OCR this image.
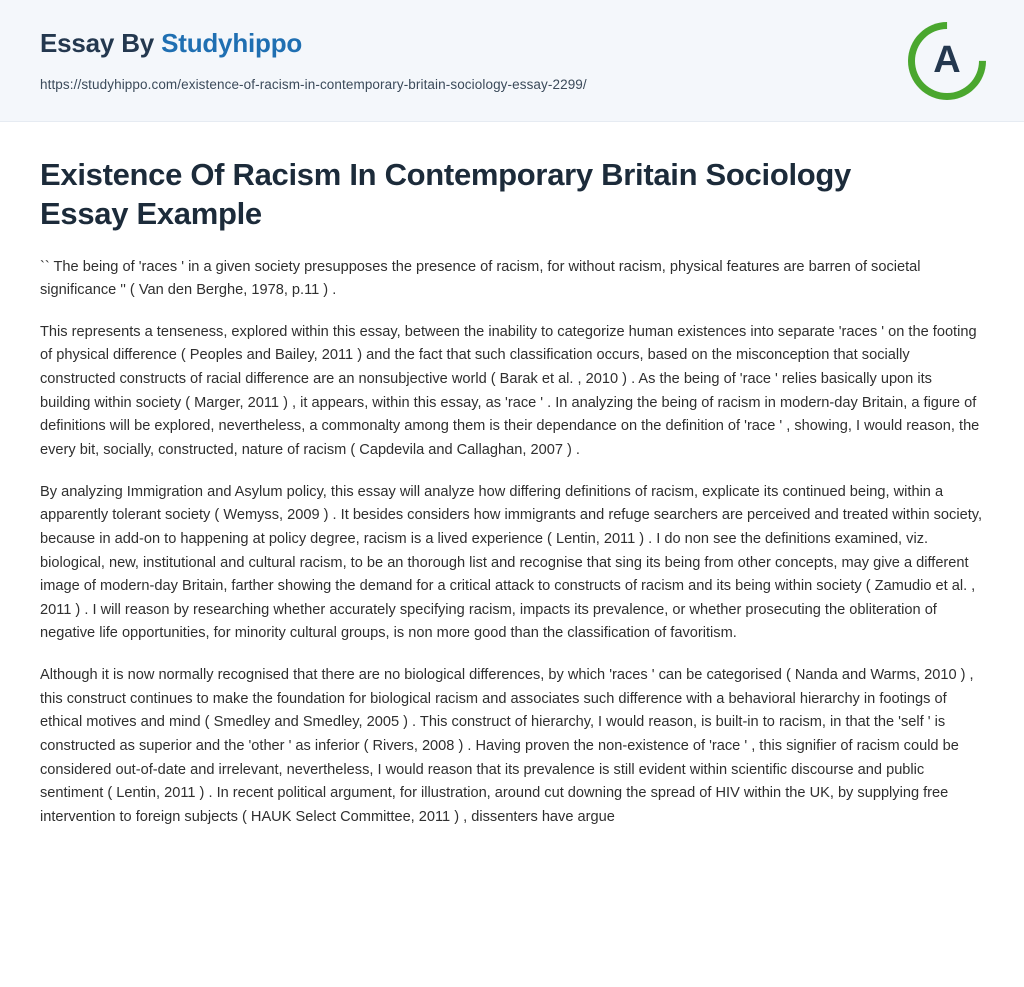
Essay By Studyhippo
https://studyhippo.com/existence-of-racism-in-contemporary-britain-sociology-essay-2299/
A
Existence Of Racism In Contemporary Britain Sociology Essay Example

`` The being of 'races ' in a given society presupposes the presence of racism, for without racism, physical features are barren of societal significance '' ( Van den Berghe, 1978, p.11 ) .

This represents a tenseness, explored within this essay, between the inability to categorize human existences into separate 'races ' on the footing of physical difference ( Peoples and Bailey, 2011 ) and the fact that such classification occurs, based on the misconception that socially constructed constructs of racial difference are an nonsubjective world ( Barak et al. , 2010 ) . As the being of 'race ' relies basically upon its building within society ( Marger, 2011 ) , it appears, within this essay, as 'race ' . In analyzing the being of racism in modern-day Britain, a figure of definitions will be explored, nevertheless, a commonalty among them is their dependance on the definition of 'race ' , showing, I would reason, the every bit, socially, constructed, nature of racism ( Capdevila and Callaghan, 2007 ) .

By analyzing Immigration and Asylum policy, this essay will analyze how differing definitions of racism, explicate its continued being, within a apparently tolerant society ( Wemyss, 2009 ) . It besides considers how immigrants and refuge searchers are perceived and treated within society, because in add-on to happening at policy degree, racism is a lived experience ( Lentin, 2011 ) . I do non see the definitions examined, viz. biological, new, institutional and cultural racism, to be an thorough list and recognise that sing its being from other concepts, may give a different image of modern-day Britain, farther showing the demand for a critical attack to constructs of racism and its being within society ( Zamudio et al. , 2011 ) . I will reason by researching whether accurately specifying racism, impacts its prevalence, or whether prosecuting the obliteration of negative life opportunities, for minority cultural groups, is non more good than the classification of favoritism.

Although it is now normally recognised that there are no biological differences, by which 'races ' can be categorised ( Nanda and Warms, 2010 ) , this construct continues to make the foundation for biological racism and associates such difference with a behavioral hierarchy in footings of ethical motives and mind ( Smedley and Smedley, 2005 ) . This construct of hierarchy, I would reason, is built-in to racism, in that the 'self ' is constructed as superior and the 'other ' as inferior ( Rivers, 2008 ) . Having proven the non-existence of 'race ' , this signifier of racism could be considered out-of-date and irrelevant, nevertheless, I would reason that its prevalence is still evident within scientific discourse and public sentiment ( Lentin, 2011 ) . In recent political argument, for illustration, around cut downing the spread of HIV within the UK, by supplying free intervention to foreign subjects ( HAUK Select Committee, 2011 ) , dissenters have argue
